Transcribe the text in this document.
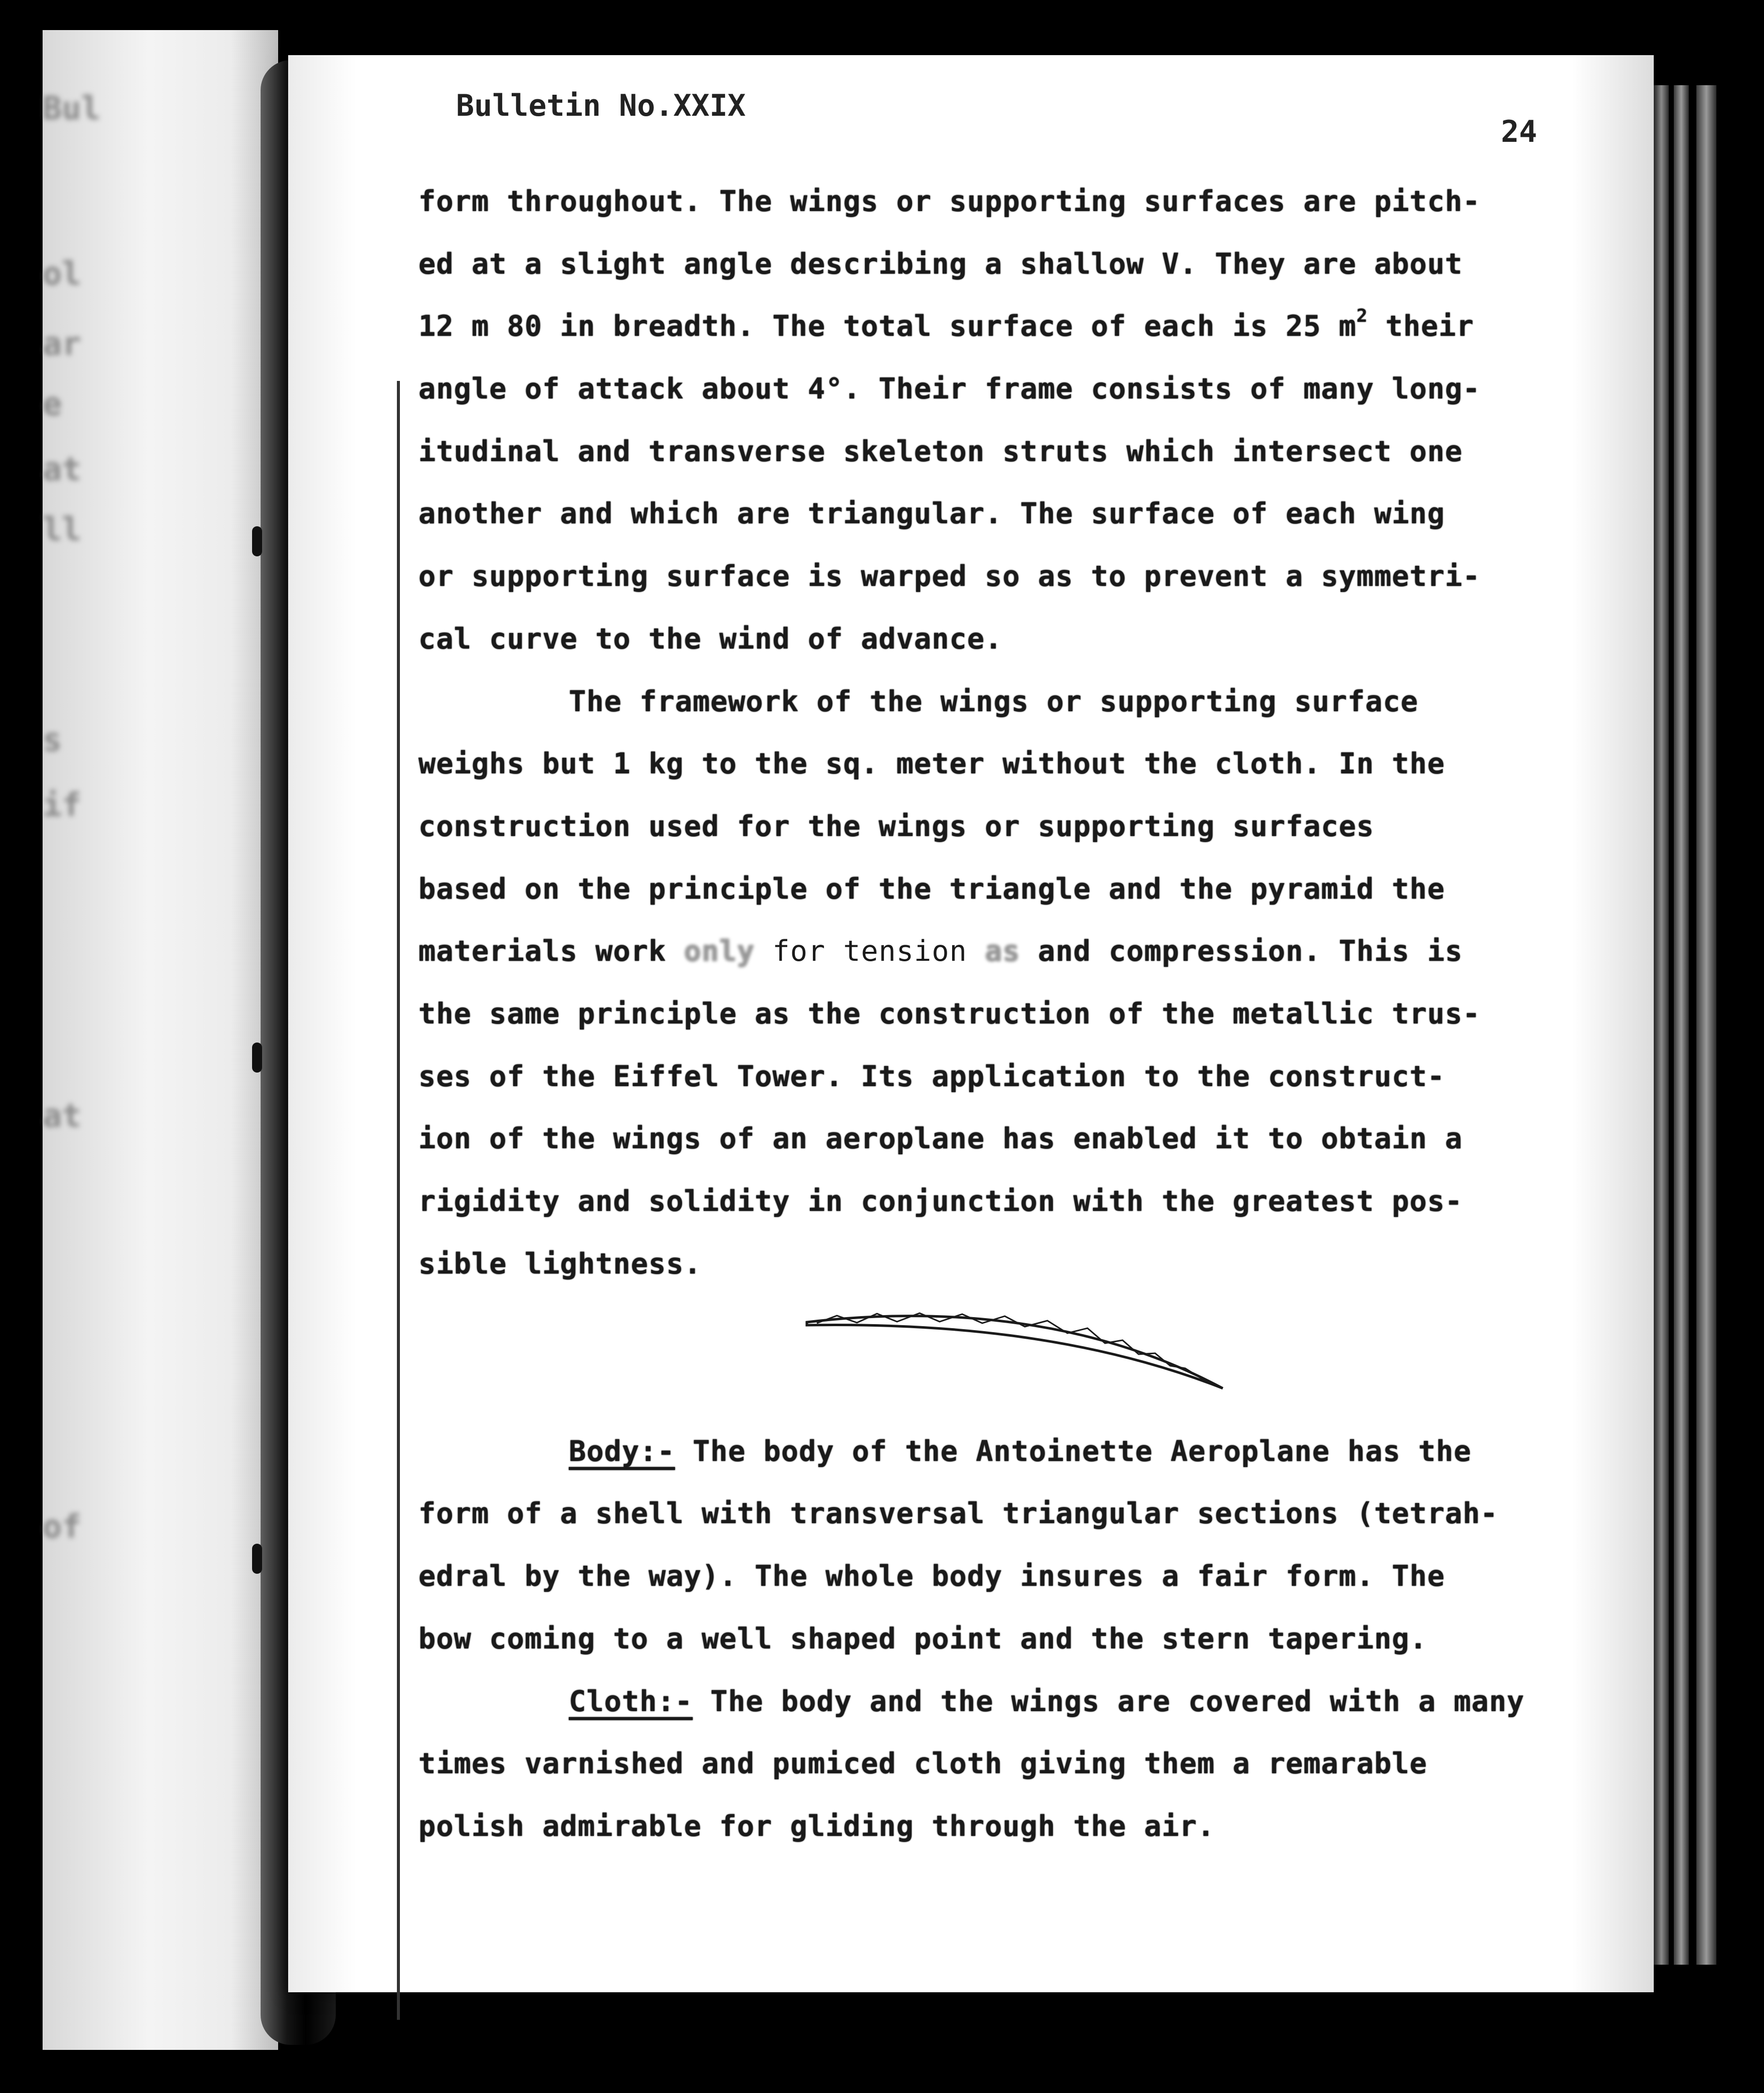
Bul
ol
ar
e
at
ll
s
if
at
of
Bulletin No.XXIX
24
form throughout. The wings or supporting surfaces are pitch-
ed at a slight angle describing a shallow V. They are about
12 m 80 in breadth. The total surface of each is 25 $m^2$ their
angle of attack about 4°. Their frame consists of many long-
itudinal and transverse skeleton struts which intersect one
another and which are triangular. The surface of each wing
or supporting surface is warped so as to prevent a symmetri-
cal curve to the wind of advance.
The framework of the wings or supporting surface
weighs but 1 kg to the sq. meter without the cloth. In the
construction used for the wings or supporting surfaces
based on the principle of the triangle and the pyramid the
materials work only for tension as and compression. This is
the same principle as the construction of the metallic trus-
ses of the Eiffel Tower. Its application to the construct-
ion of the wings of an aeroplane has enabled it to obtain a
rigidity and solidity in conjunction with the greatest pos-
sible lightness.
Body:- The body of the Antoinette Aeroplane has the
form of a shell with transversal triangular sections (tetrah-
edral by the way). The whole body insures a fair form. The
bow coming to a well shaped point and the stern tapering.
Cloth:- The body and the wings are covered with a many
times varnished and pumiced cloth giving them a remarable
polish admirable for gliding through the air.
